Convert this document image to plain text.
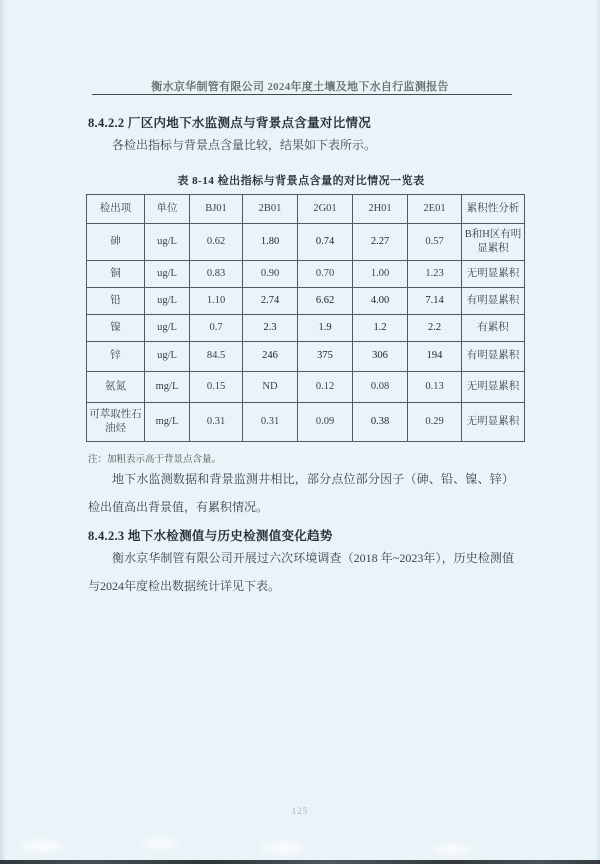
衡水京华制管有限公司 2024年度土壤及地下水自行监测报告
8.4.2.2 厂区内地下水监测点与背景点含量对比情况

各检出指标与背景点含量比较，结果如下表所示。

表 8-14 检出指标与背景点含量的对比情况一览表
检出项	单位	BJ01	2B01	2G01	2H01	2E01	累积性分析
砷	ug/L	0.62	1.80	0.74	2.27	0.57	B和H区有明显累积
铜	ug/L	0.83	0.90	0.70	1.00	1.23	无明显累积
铅	ug/L	1.10	2.74	6.62	4.00	7.14	有明显累积
镍	ug/L	0.7	2.3	1.9	1.2	2.2	有累积
锌	ug/L	84.5	246	375	306	194	有明显累积
氨氮	mg/L	0.15	ND	0.12	0.08	0.13	无明显累积
可萃取性石油烃	mg/L	0.31	0.31	0.09	0.38	0.29	无明显累积
注：加粗表示高于背景点含量。

地下水监测数据和背景监测井相比，部分点位部分因子（砷、铅、镍、锌）检出值高出背景值，有累积情况。

8.4.2.3 地下水检测值与历史检测值变化趋势

衡水京华制管有限公司开展过六次环境调查（2018 年~2023年），历史检测值与2024年度检出数据统计详见下表。

125
